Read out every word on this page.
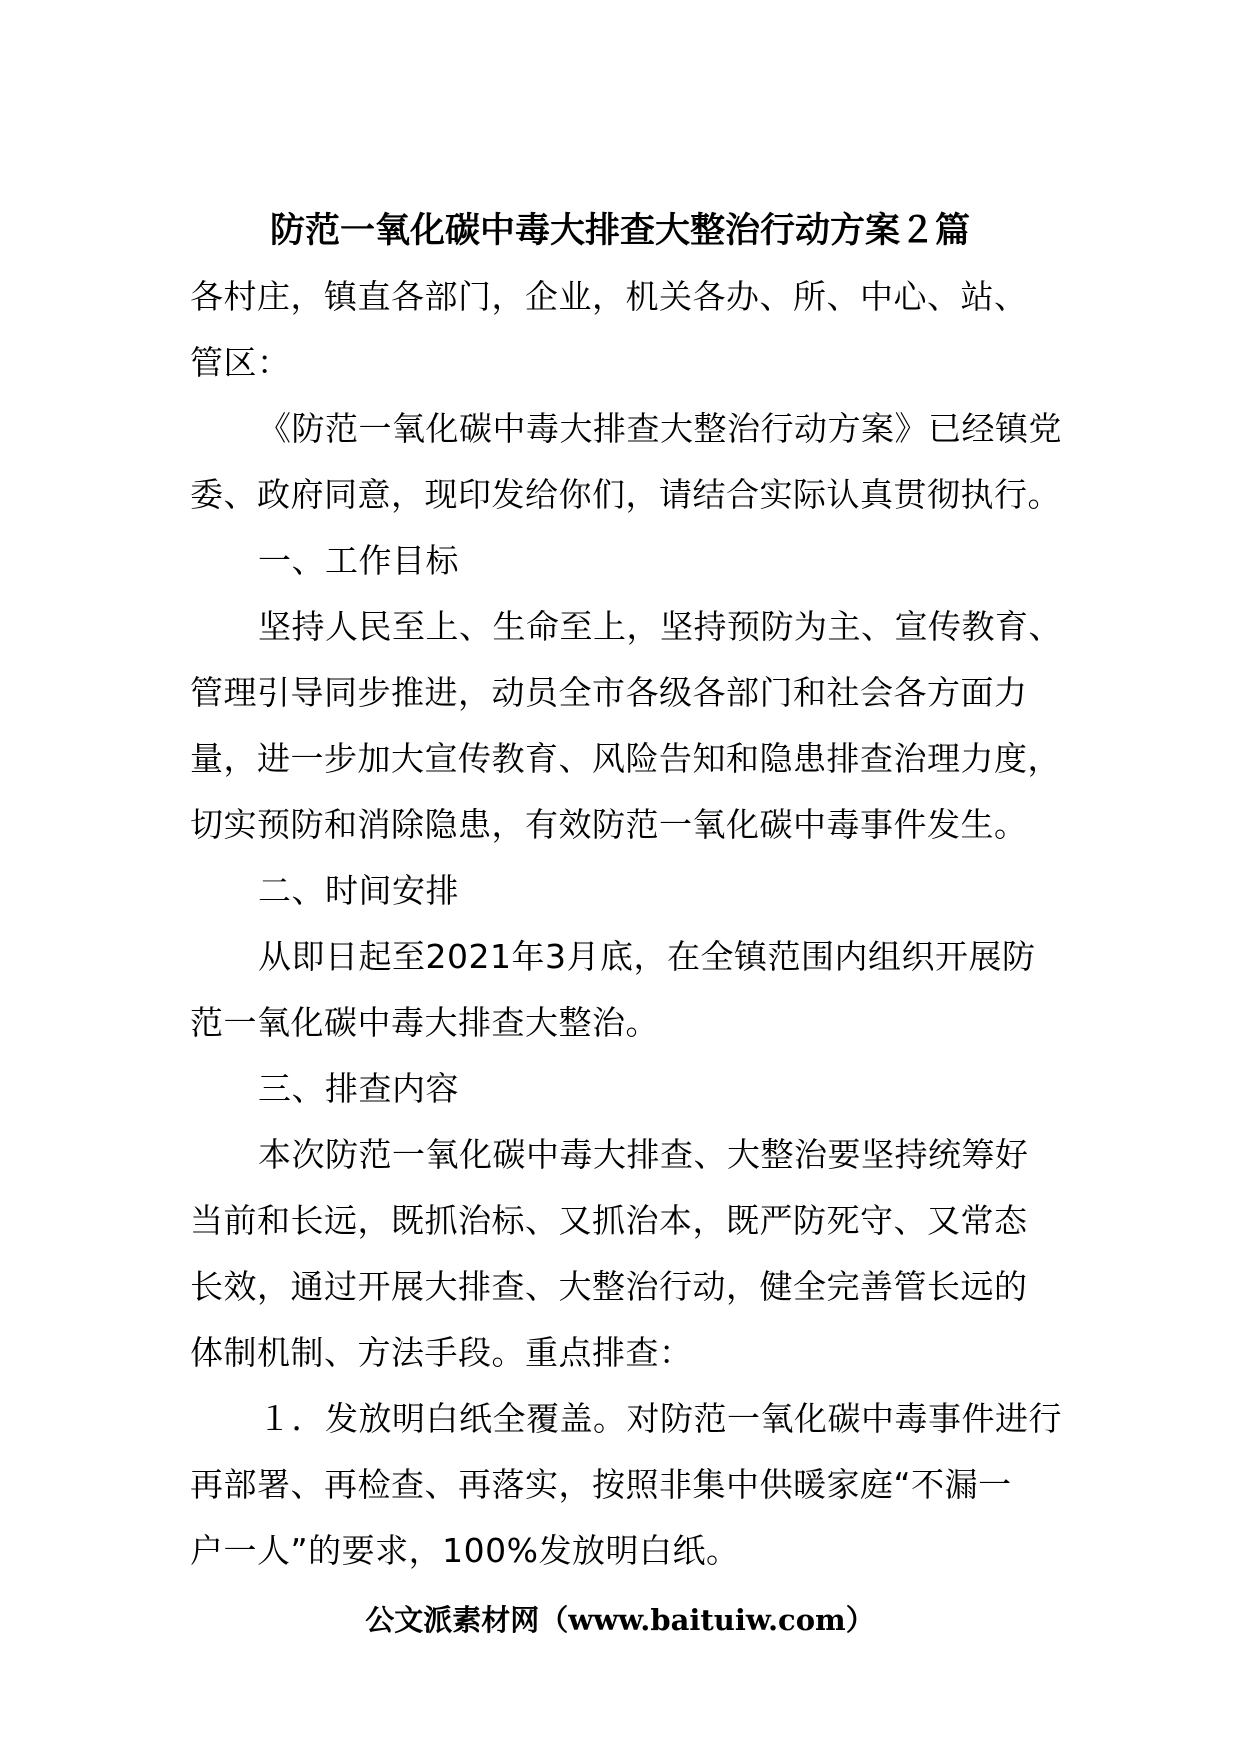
防范一氧化碳中毒大排查大整治行动方案２篇

各村庄，镇直各部门，企业，机关各办、所、中心、站、

管区：

《防范一氧化碳中毒大排查大整治行动方案》已经镇党

委、政府同意，现印发给你们，请结合实际认真贯彻执行。

一、工作目标

坚持人民至上、生命至上，坚持预防为主、宣传教育、

管理引导同步推进，动员全市各级各部门和社会各方面力

量，进一步加大宣传教育、风险告知和隐患排查治理力度，

切实预防和消除隐患，有效防范一氧化碳中毒事件发生。

二、时间安排

从即日起至2021年3月底，在全镇范围内组织开展防

范一氧化碳中毒大排查大整治。

三、排查内容

本次防范一氧化碳中毒大排查、大整治要坚持统筹好

当前和长远，既抓治标、又抓治本，既严防死守、又常态

长效，通过开展大排查、大整治行动，健全完善管长远的

体制机制、方法手段。重点排查：

１．发放明白纸全覆盖。对防范一氧化碳中毒事件进行

再部署、再检查、再落实，按照非集中供暖家庭“不漏一

户一人”的要求，100%发放明白纸。

公文派素材网（www.baituiw.com）
